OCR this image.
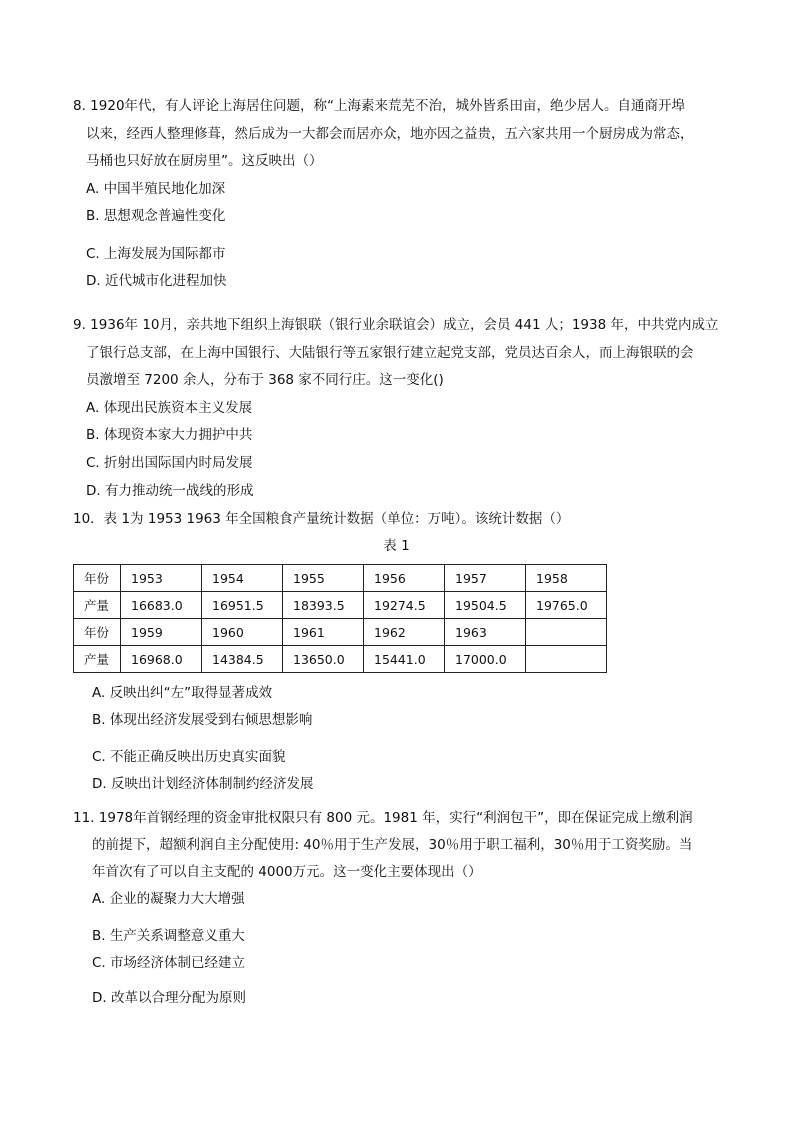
8. 1920年代，有人评论上海居住问题，称“上海素来荒芜不治，城外皆系田亩，绝少居人。自通商开埠
以来，经西人整理修葺，然后成为一大都会而居亦众，地亦因之益贵，五六家共用一个厨房成为常态，
马桶也只好放在厨房里”。这反映出（）
A. 中国半殖民地化加深
B. 思想观念普遍性变化
C. 上海发展为国际都市
D. 近代城市化进程加快
9. 1936年 10月，亲共地下组织上海银联（银行业余联谊会）成立，会员 441 人；1938 年，中共党内成立
了银行总支部，在上海中国银行、大陆银行等五家银行建立起党支部，党员达百余人，而上海银联的会
员激增至 7200 余人，分布于 368 家不同行庄。这一变化()
A. 体现出民族资本主义发展
B. 体现资本家大力拥护中共
C. 折射出国际国内时局发展
D. 有力推动统一战线的形成
10．表 1为 1953 1963 年全国粮食产量统计数据（单位：万吨）。该统计数据（）
表 1
年份	1953	1954	1955	1956	1957	1958
产量	16683.0	16951.5	18393.5	19274.5	19504.5	19765.0
年份	1959	1960	1961	1962	1963	
产量	16968.0	14384.5	13650.0	15441.0	17000.0	
A. 反映出纠“左”取得显著成效
B. 体现出经济发展受到右倾思想影响
C. 不能正确反映出历史真实面貌
D. 反映出计划经济体制制约经济发展
11. 1978年首钢经理的资金审批权限只有 800 元。1981 年，实行“利润包干”，即在保证完成上缴利润
的前提下，超额利润自主分配使用: 40％用于生产发展，30％用于职工福利，30％用于工资奖励。当
年首次有了可以自主支配的 4000万元。这一变化主要体现出（）
A. 企业的凝聚力大大增强
B. 生产关系调整意义重大
C. 市场经济体制已经建立
D. 改革以合理分配为原则
